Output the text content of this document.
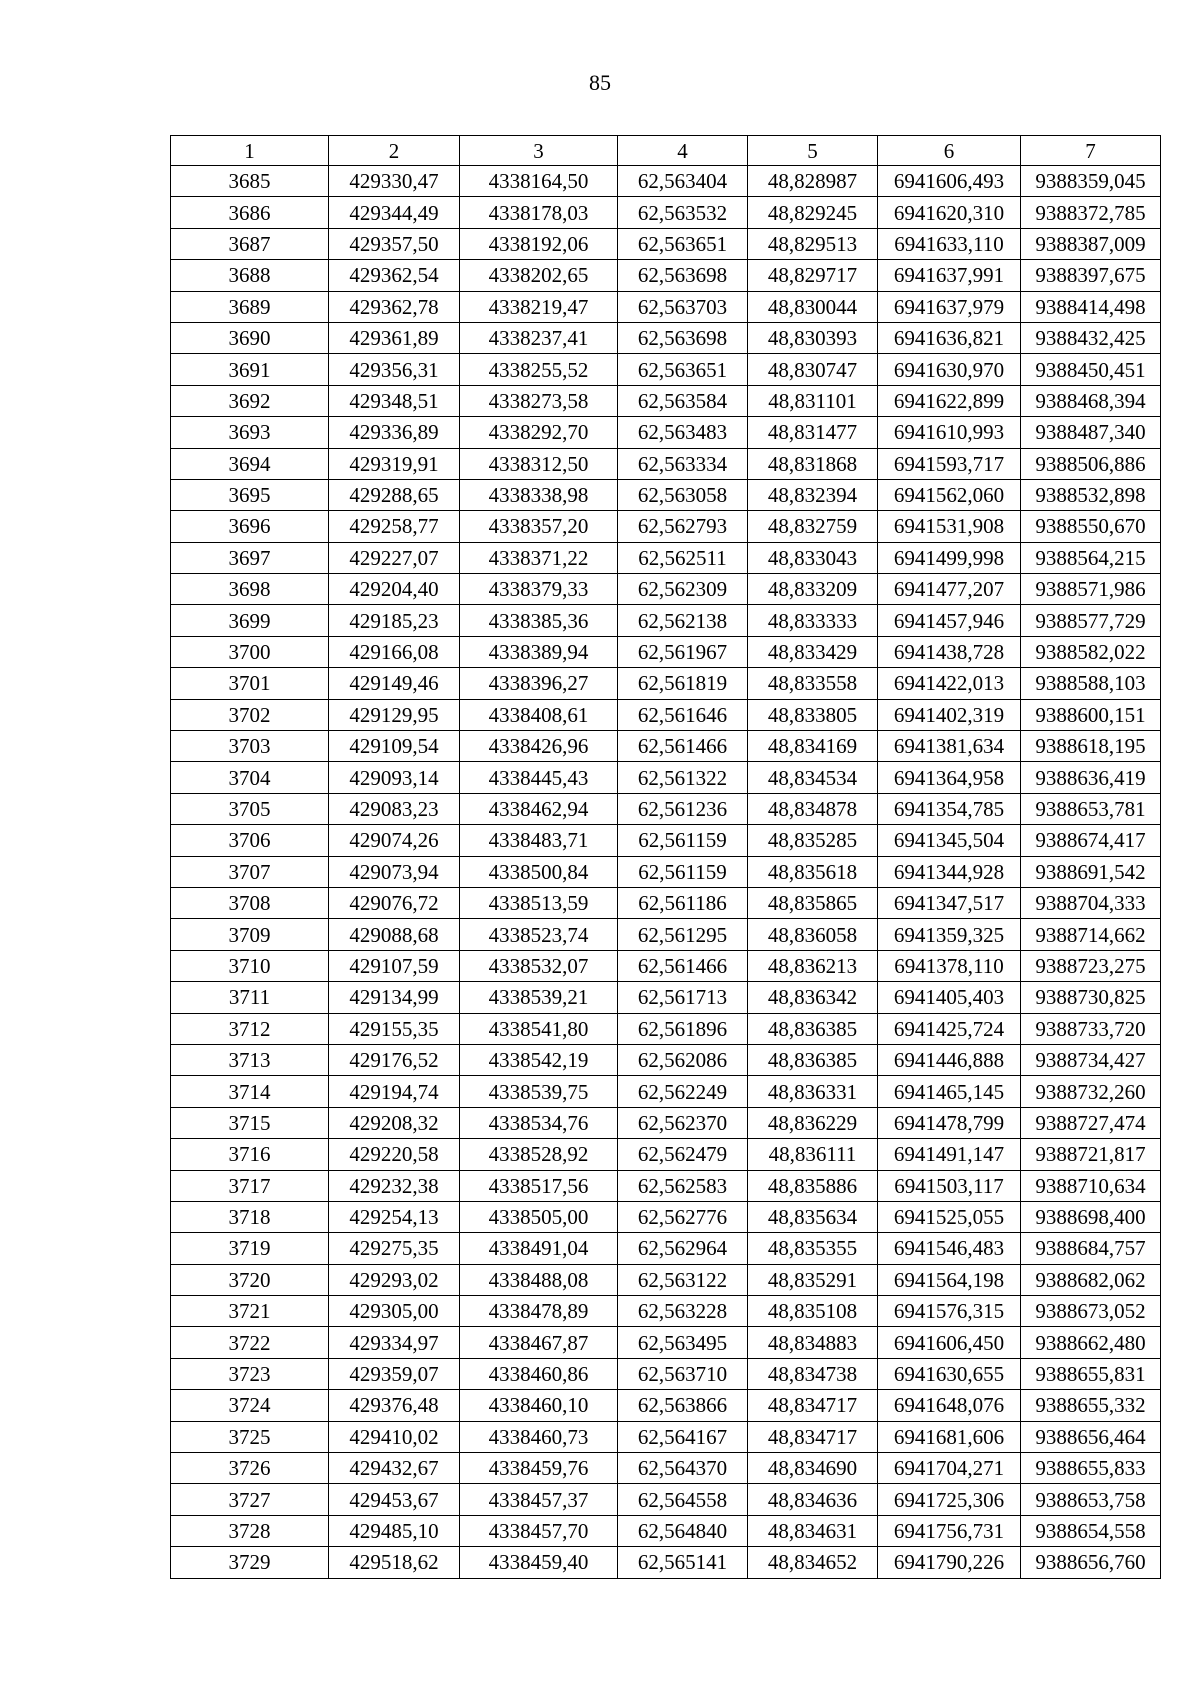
85
1	2	3	4	5	6	7
3685	429330,47	4338164,50	62,563404	48,828987	6941606,493	9388359,045
3686	429344,49	4338178,03	62,563532	48,829245	6941620,310	9388372,785
3687	429357,50	4338192,06	62,563651	48,829513	6941633,110	9388387,009
3688	429362,54	4338202,65	62,563698	48,829717	6941637,991	9388397,675
3689	429362,78	4338219,47	62,563703	48,830044	6941637,979	9388414,498
3690	429361,89	4338237,41	62,563698	48,830393	6941636,821	9388432,425
3691	429356,31	4338255,52	62,563651	48,830747	6941630,970	9388450,451
3692	429348,51	4338273,58	62,563584	48,831101	6941622,899	9388468,394
3693	429336,89	4338292,70	62,563483	48,831477	6941610,993	9388487,340
3694	429319,91	4338312,50	62,563334	48,831868	6941593,717	9388506,886
3695	429288,65	4338338,98	62,563058	48,832394	6941562,060	9388532,898
3696	429258,77	4338357,20	62,562793	48,832759	6941531,908	9388550,670
3697	429227,07	4338371,22	62,562511	48,833043	6941499,998	9388564,215
3698	429204,40	4338379,33	62,562309	48,833209	6941477,207	9388571,986
3699	429185,23	4338385,36	62,562138	48,833333	6941457,946	9388577,729
3700	429166,08	4338389,94	62,561967	48,833429	6941438,728	9388582,022
3701	429149,46	4338396,27	62,561819	48,833558	6941422,013	9388588,103
3702	429129,95	4338408,61	62,561646	48,833805	6941402,319	9388600,151
3703	429109,54	4338426,96	62,561466	48,834169	6941381,634	9388618,195
3704	429093,14	4338445,43	62,561322	48,834534	6941364,958	9388636,419
3705	429083,23	4338462,94	62,561236	48,834878	6941354,785	9388653,781
3706	429074,26	4338483,71	62,561159	48,835285	6941345,504	9388674,417
3707	429073,94	4338500,84	62,561159	48,835618	6941344,928	9388691,542
3708	429076,72	4338513,59	62,561186	48,835865	6941347,517	9388704,333
3709	429088,68	4338523,74	62,561295	48,836058	6941359,325	9388714,662
3710	429107,59	4338532,07	62,561466	48,836213	6941378,110	9388723,275
3711	429134,99	4338539,21	62,561713	48,836342	6941405,403	9388730,825
3712	429155,35	4338541,80	62,561896	48,836385	6941425,724	9388733,720
3713	429176,52	4338542,19	62,562086	48,836385	6941446,888	9388734,427
3714	429194,74	4338539,75	62,562249	48,836331	6941465,145	9388732,260
3715	429208,32	4338534,76	62,562370	48,836229	6941478,799	9388727,474
3716	429220,58	4338528,92	62,562479	48,836111	6941491,147	9388721,817
3717	429232,38	4338517,56	62,562583	48,835886	6941503,117	9388710,634
3718	429254,13	4338505,00	62,562776	48,835634	6941525,055	9388698,400
3719	429275,35	4338491,04	62,562964	48,835355	6941546,483	9388684,757
3720	429293,02	4338488,08	62,563122	48,835291	6941564,198	9388682,062
3721	429305,00	4338478,89	62,563228	48,835108	6941576,315	9388673,052
3722	429334,97	4338467,87	62,563495	48,834883	6941606,450	9388662,480
3723	429359,07	4338460,86	62,563710	48,834738	6941630,655	9388655,831
3724	429376,48	4338460,10	62,563866	48,834717	6941648,076	9388655,332
3725	429410,02	4338460,73	62,564167	48,834717	6941681,606	9388656,464
3726	429432,67	4338459,76	62,564370	48,834690	6941704,271	9388655,833
3727	429453,67	4338457,37	62,564558	48,834636	6941725,306	9388653,758
3728	429485,10	4338457,70	62,564840	48,834631	6941756,731	9388654,558
3729	429518,62	4338459,40	62,565141	48,834652	6941790,226	9388656,760
